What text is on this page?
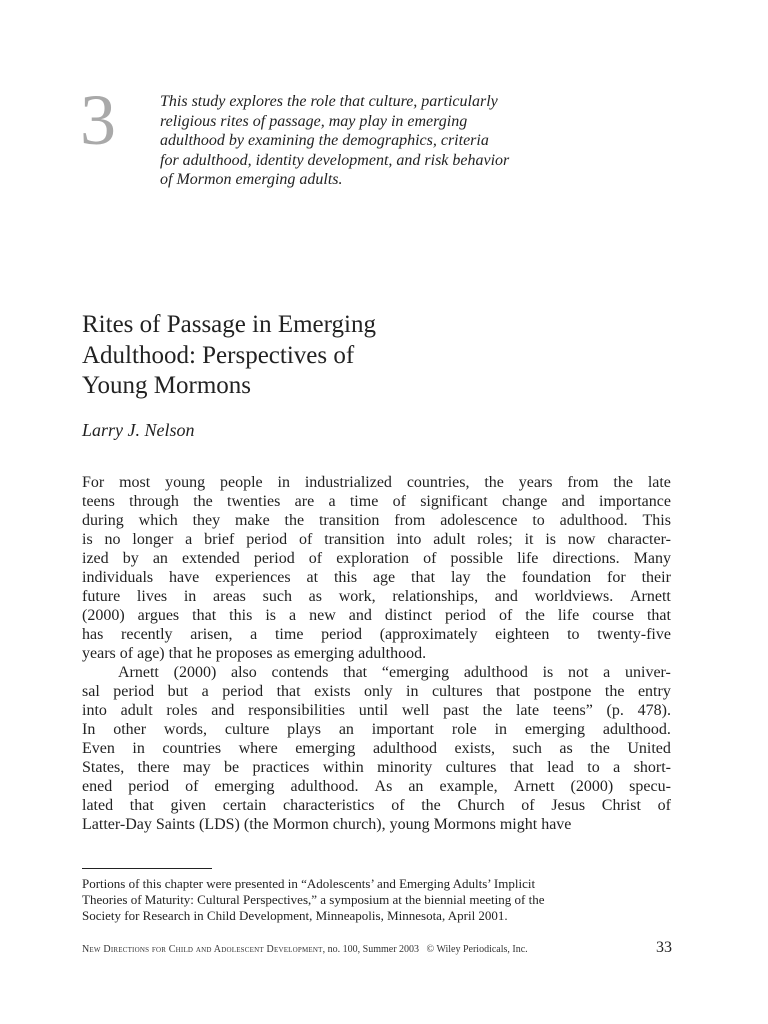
3	This study explores the role that culture, particularly
religious rites of passage, may play in emerging
adulthood by examining the demographics, criteria
for adulthood, identity development, and risk behavior
of Mormon emerging adults.
Rites of Passage in Emerging
Adulthood: Perspectives of
Young Mormons
Larry J. Nelson
For most young people in industrialized countries, the years from the late
teens through the twenties are a time of significant change and importance
during which they make the transition from adolescence to adulthood. This
is no longer a brief period of transition into adult roles; it is now character-
ized by an extended period of exploration of possible life directions. Many
individuals have experiences at this age that lay the foundation for their
future lives in areas such as work, relationships, and worldviews. Arnett
(2000) argues that this is a new and distinct period of the life course that
has recently arisen, a time period (approximately eighteen to twenty-five
years of age) that he proposes as emerging adulthood.
Arnett (2000) also contends that “emerging adulthood is not a univer-
sal period but a period that exists only in cultures that postpone the entry
into adult roles and responsibilities until well past the late teens” (p. 478).
In other words, culture plays an important role in emerging adulthood.
Even in countries where emerging adulthood exists, such as the United
States, there may be practices within minority cultures that lead to a short-
ened period of emerging adulthood. As an example, Arnett (2000) specu-
lated that given certain characteristics of the Church of Jesus Christ of
Latter-Day Saints (LDS) (the Mormon church), young Mormons might have
Portions of this chapter were presented in “Adolescents’ and Emerging Adults’ Implicit
Theories of Maturity: Cultural Perspectives,” a symposium at the biennial meeting of the
Society for Research in Child Development, Minneapolis, Minnesota, April 2001.
New Directions for Child and Adolescent Development, no. 100, Summer 2003 © Wiley Periodicals, Inc.	33
